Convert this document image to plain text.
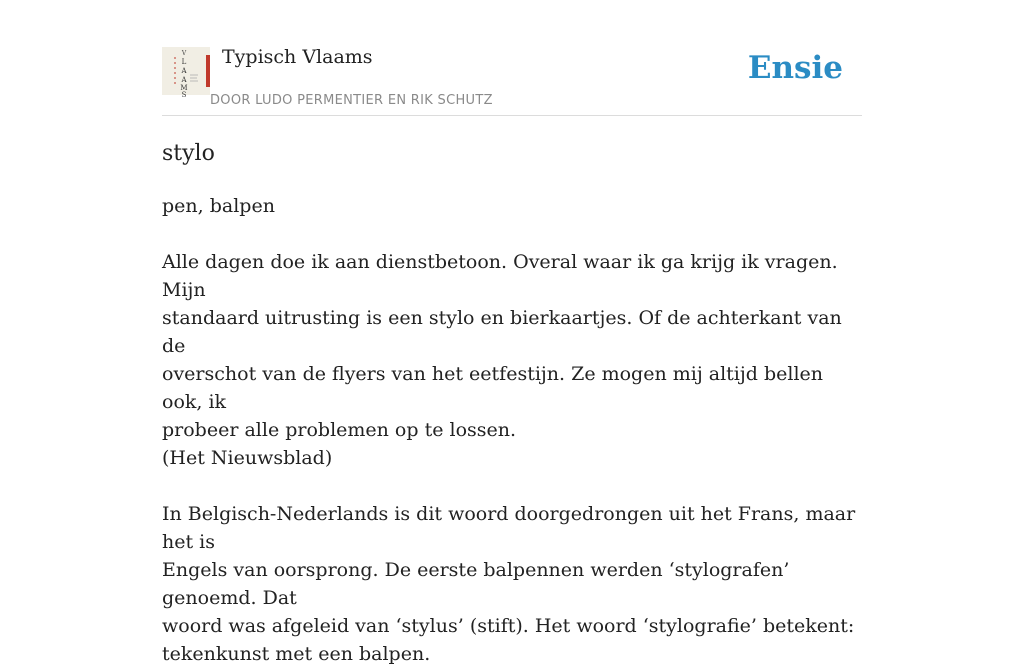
V
L
A
A
M
S
Typisch Vlaams
DOOR LUDO PERMENTIER EN RIK SCHUTZ
Ensie
stylo

pen, balpen

Alle dagen doe ik aan dienstbetoon. Overal waar ik ga krijg ik vragen. Mijn

standaard uitrusting is een stylo en bierkaartjes. Of de achterkant van de

overschot van de flyers van het eetfestijn. Ze mogen mij altijd bellen ook, ik

probeer alle problemen op te lossen.

(Het Nieuwsblad)

In Belgisch-Nederlands is dit woord doorgedrongen uit het Frans, maar het is

Engels van oorsprong. De eerste balpennen werden ‘stylografen’ genoemd. Dat

woord was afgeleid van ‘stylus’ (stift). Het woord ‘stylografie’ betekent:

tekenkunst met een balpen.
